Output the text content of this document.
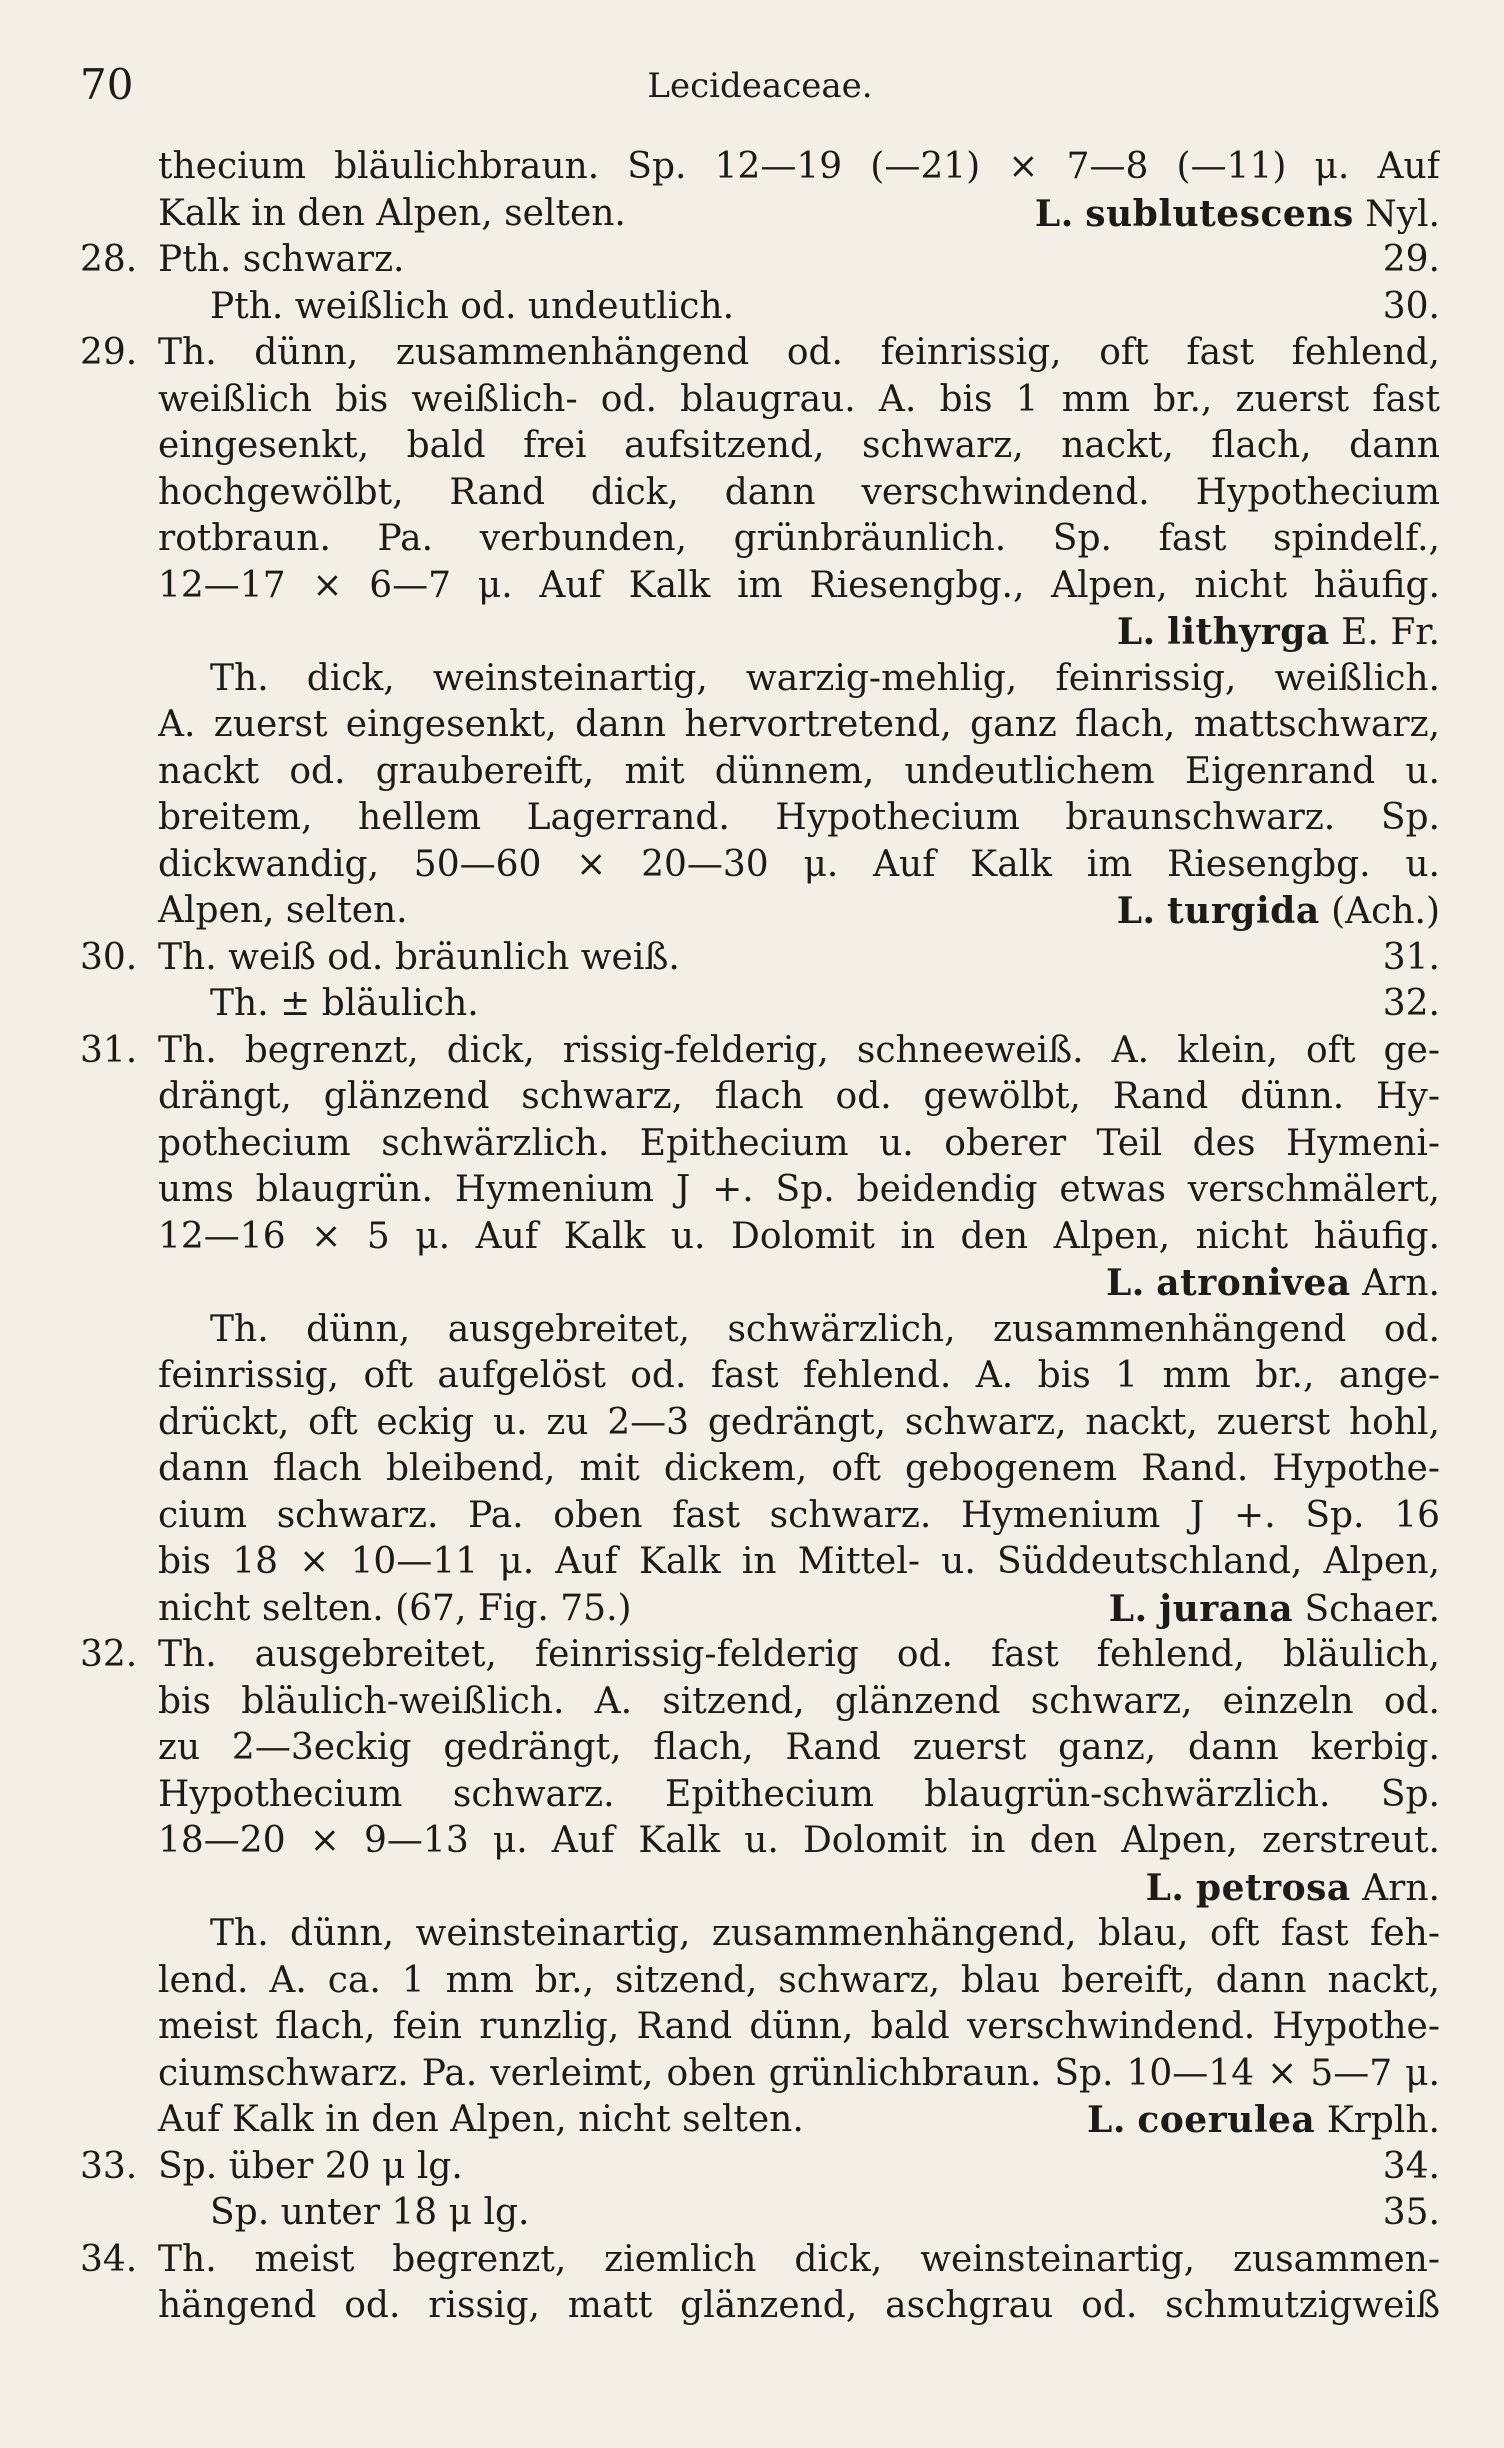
70	Lecideaceae.
thecium bläulichbraun. Sp. 12—19 (—21) × 7—8 (—11) μ. Auf
Kalk in den Alpen, selten.	L. sublutescens Nyl.
28. Pth. schwarz.	29.
Pth. weißlich od. undeutlich.	30.
29. Th. dünn, zusammenhängend od. feinrissig, oft fast fehlend,
weißlich bis weißlich- od. blaugrau. A. bis 1 mm br., zuerst fast
eingesenkt, bald frei aufsitzend, schwarz, nackt, flach, dann
hochgewölbt, Rand dick, dann verschwindend. Hypothecium
rotbraun. Pa. verbunden, grünbräunlich. Sp. fast spindelf.,
12—17 × 6—7 μ. Auf Kalk im Riesengbg., Alpen, nicht häufig.
L. lithyrga E. Fr.
Th. dick, weinsteinartig, warzig-mehlig, feinrissig, weißlich.
A. zuerst eingesenkt, dann hervortretend, ganz flach, mattschwarz,
nackt od. graubereift, mit dünnem, undeutlichem Eigenrand u.
breitem, hellem Lagerrand. Hypothecium braunschwarz. Sp.
dickwandig, 50—60 × 20—30 μ. Auf Kalk im Riesengbg. u.
Alpen, selten.	L. turgida (Ach.)
30. Th. weiß od. bräunlich weiß.	31.
Th. ± bläulich.	32.
31. Th. begrenzt, dick, rissig-felderig, schneeweiß. A. klein, oft ge-
drängt, glänzend schwarz, flach od. gewölbt, Rand dünn. Hy-
pothecium schwärzlich. Epithecium u. oberer Teil des Hymeni-
ums blaugrün. Hymenium J +. Sp. beidendig etwas verschmälert,
12—16 × 5 μ. Auf Kalk u. Dolomit in den Alpen, nicht häufig.
L. atronivea Arn.
Th. dünn, ausgebreitet, schwärzlich, zusammenhängend od.
feinrissig, oft aufgelöst od. fast fehlend. A. bis 1 mm br., ange-
drückt, oft eckig u. zu 2—3 gedrängt, schwarz, nackt, zuerst hohl,
dann flach bleibend, mit dickem, oft gebogenem Rand. Hypothe-
cium schwarz. Pa. oben fast schwarz. Hymenium J +. Sp. 16
bis 18 × 10—11 μ. Auf Kalk in Mittel- u. Süddeutschland, Alpen,
nicht selten. (67, Fig. 75.)	L. jurana Schaer.
32. Th. ausgebreitet, feinrissig-felderig od. fast fehlend, bläulich,
bis bläulich-weißlich. A. sitzend, glänzend schwarz, einzeln od.
zu 2—3eckig gedrängt, flach, Rand zuerst ganz, dann kerbig.
Hypothecium schwarz. Epithecium blaugrün-schwärzlich. Sp.
18—20 × 9—13 μ. Auf Kalk u. Dolomit in den Alpen, zerstreut.
L. petrosa Arn.
Th. dünn, weinsteinartig, zusammenhängend, blau, oft fast feh-
lend. A. ca. 1 mm br., sitzend, schwarz, blau bereift, dann nackt,
meist flach, fein runzlig, Rand dünn, bald verschwindend. Hypothe-
ciumschwarz. Pa. verleimt, oben grünlichbraun. Sp. 10—14 × 5—7 μ.
Auf Kalk in den Alpen, nicht selten.	L. coerulea Krplh.
33. Sp. über 20 μ lg.	34.
Sp. unter 18 μ lg.	35.
34. Th. meist begrenzt, ziemlich dick, weinsteinartig, zusammen-
hängend od. rissig, matt glänzend, aschgrau od. schmutzigweiß
